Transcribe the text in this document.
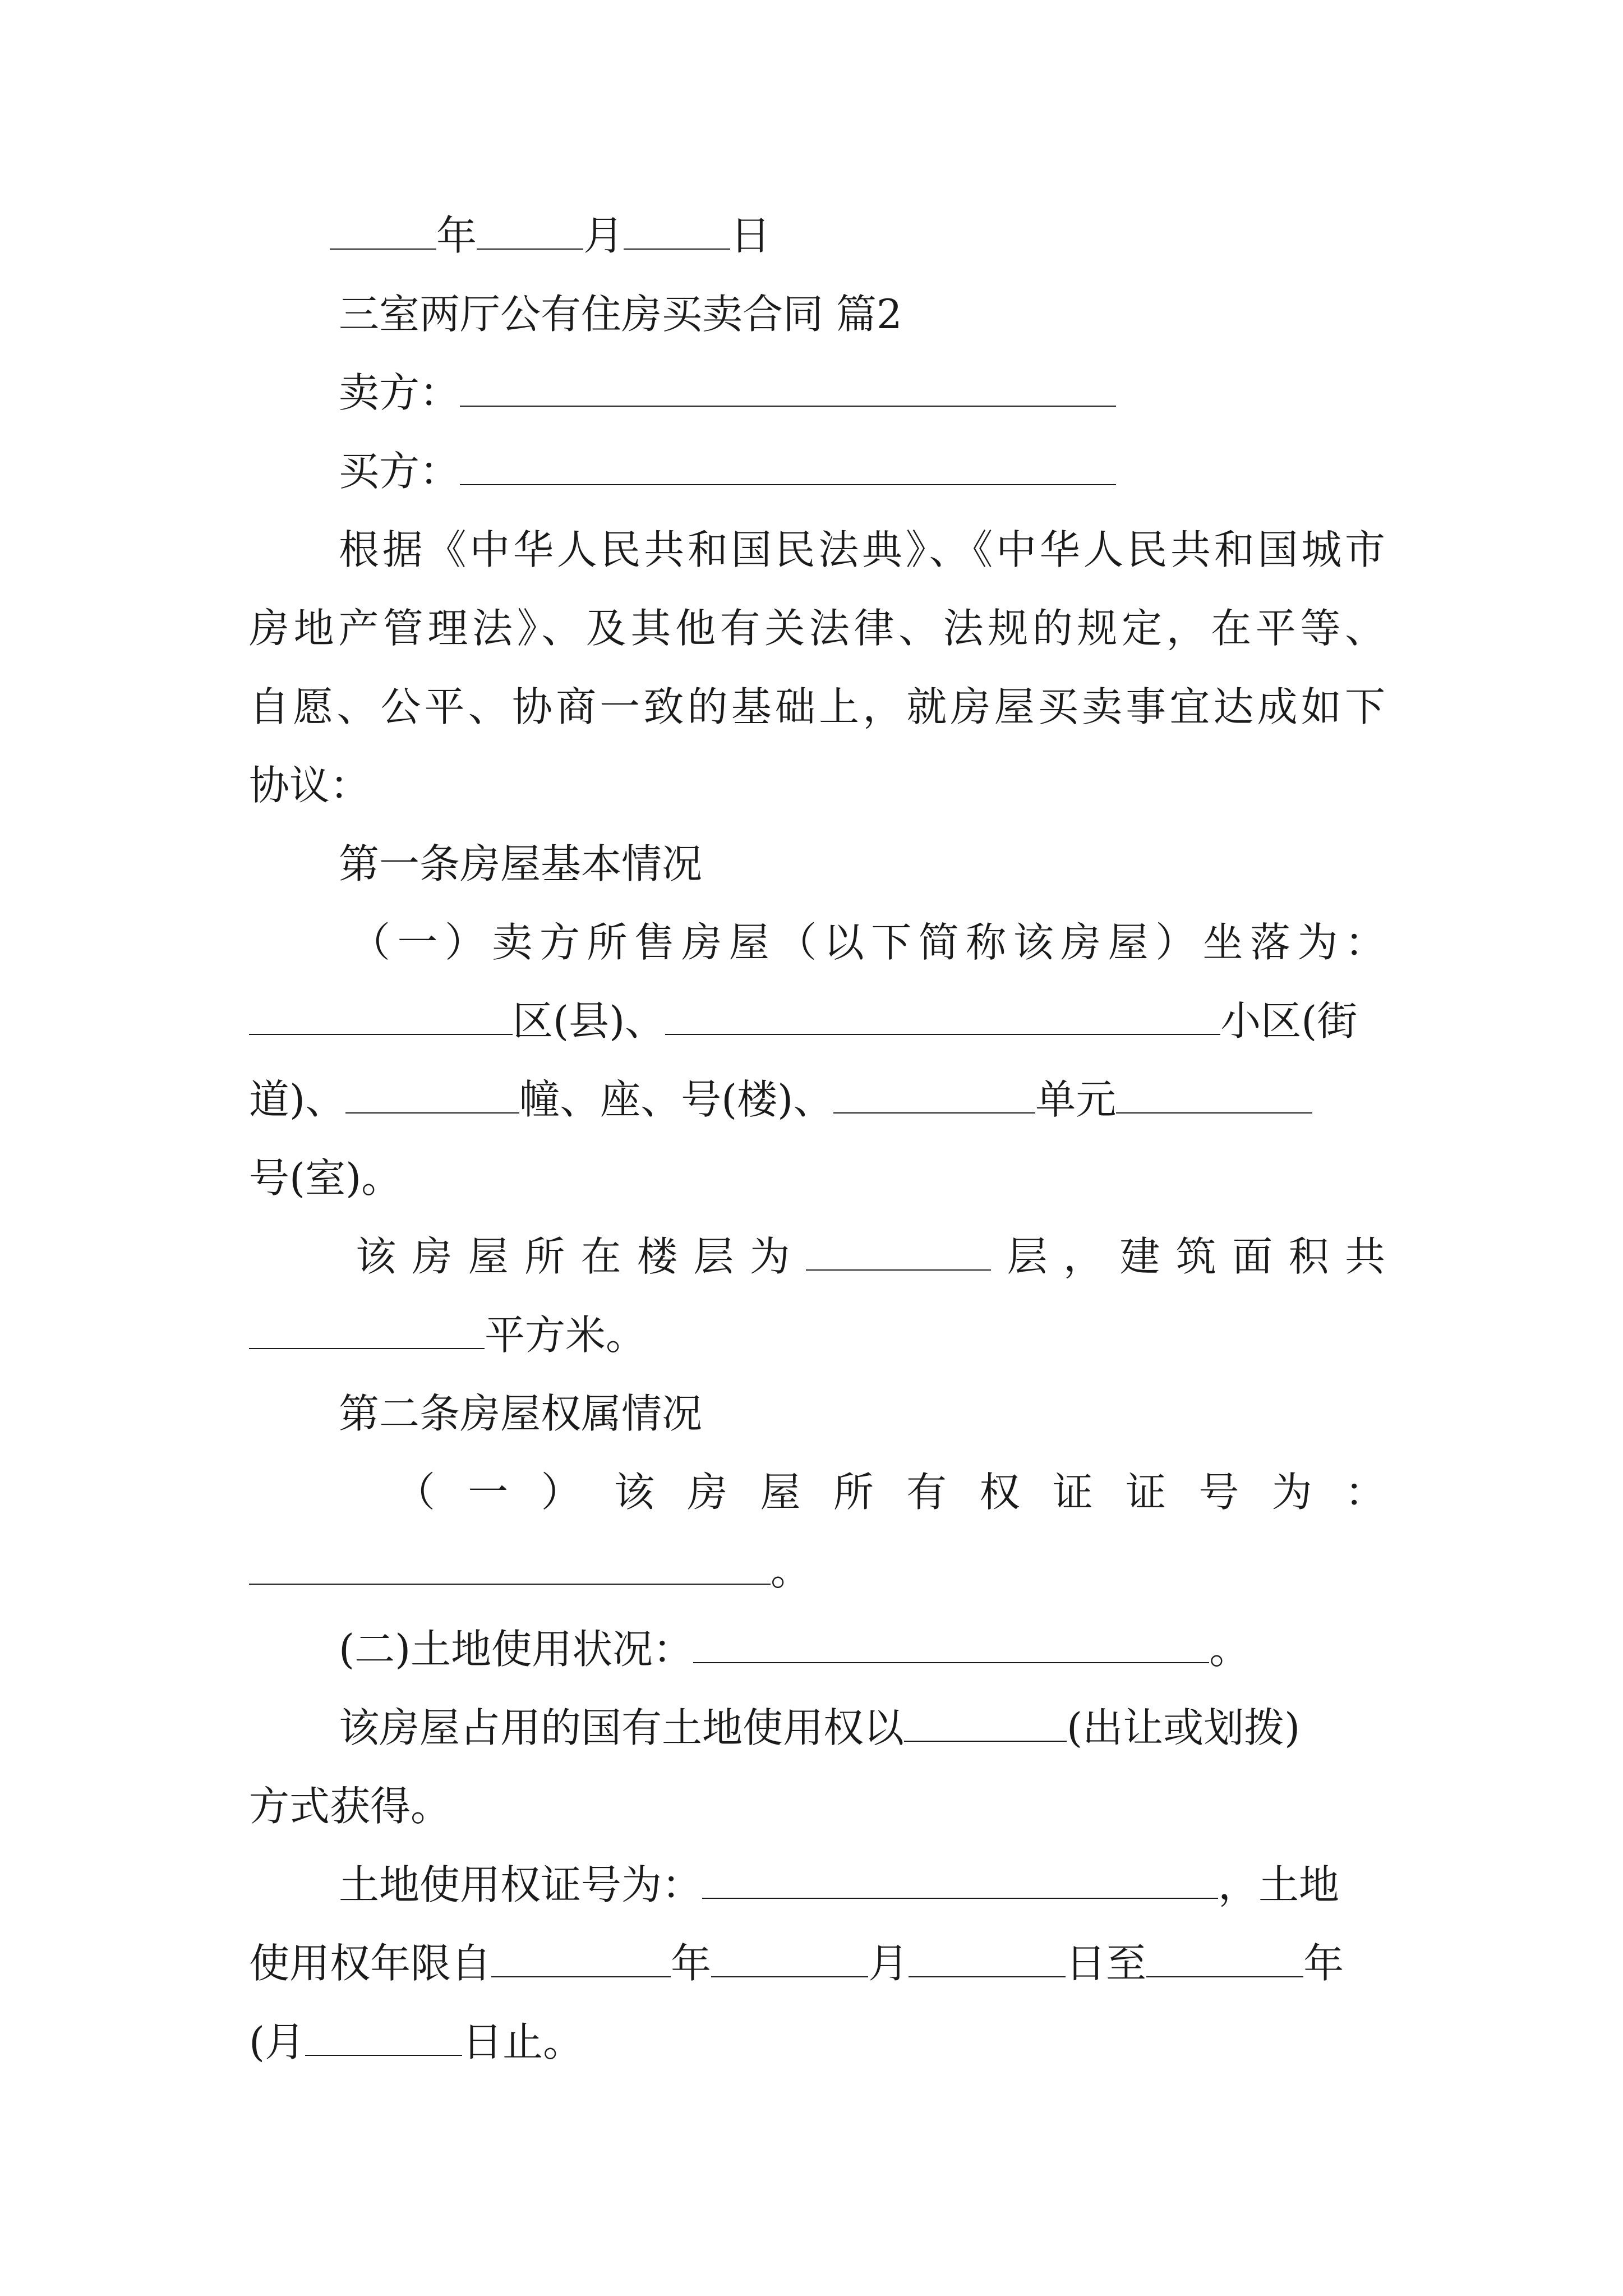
年	月	日
三室两厅公有住房买卖合同 篇2
卖方：
买方：
根据《中华人民共和国民法典》、《中华人民共和国城市
房地产管理法》、及其他有关法律、法规的规定，在平等、
自愿、公平、协商一致的基础上，就房屋买卖事宜达成如下
协议：
第一条房屋基本情况
（一）卖方所售房屋（以下简称该房屋）坐落为：
区(县)、	小区(街
道)、	幢、座、号(楼)、	单元
号(室)。
该房屋所在楼层为	层，建筑面积共
平方米。
第二条房屋权属情况
（一）该房屋所有权证证号为：
。
(二)土地使用状况：	。
该房屋占用的国有土地使用权以	(出让或划拨)
方式获得。
土地使用权证号为：	，土地
使用权年限自	年	月	日至	年
(月	日止。
